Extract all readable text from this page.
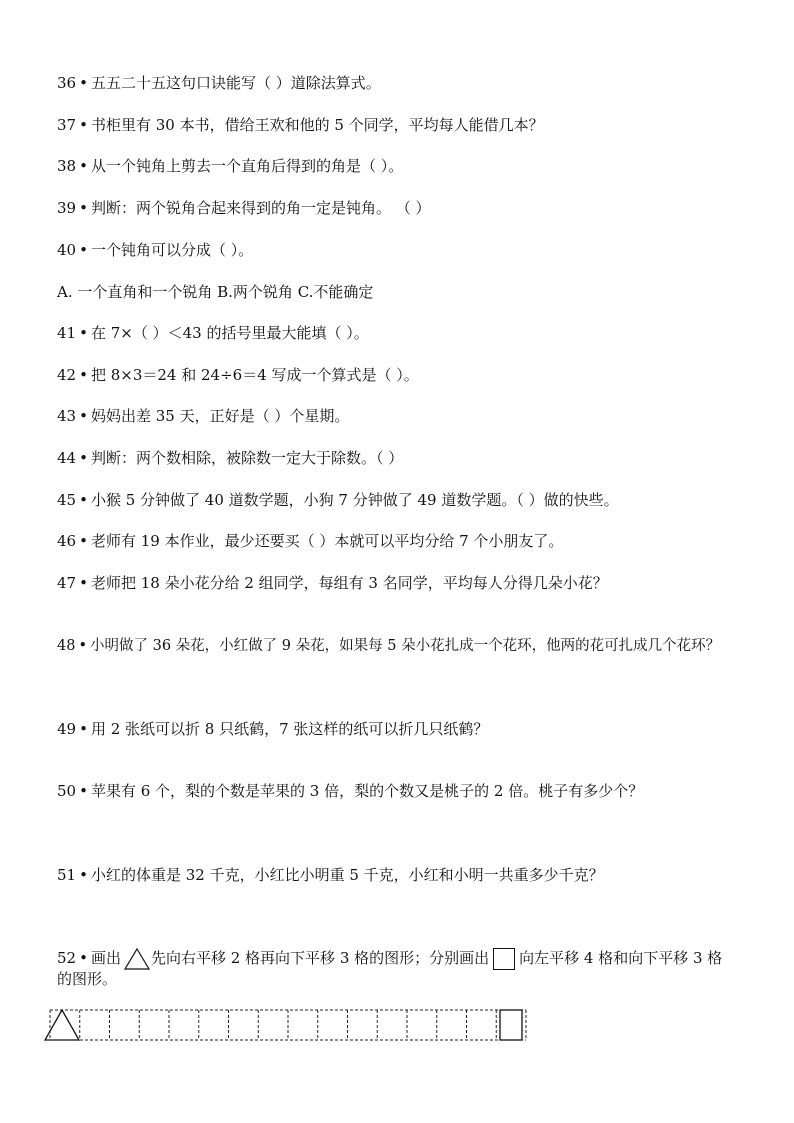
36 • 五五二十五这句口诀能写（ ）道除法算式。
37 • 书柜里有 30 本书，借给王欢和他的 5 个同学，平均每人能借几本？
38 • 从一个钝角上剪去一个直角后得到的角是（ ）。
39 • 判断：两个锐角合起来得到的角一定是钝角。 （ ）
40 • 一个钝角可以分成（ ）。
A. 一个直角和一个锐角 B.两个锐角 C.不能确定
41 • 在 7×（ ）＜43 的括号里最大能填（ ）。
42 • 把 8×3＝24 和 24÷6＝4 写成一个算式是（ ）。
43 • 妈妈出差 35 天，正好是（ ）个星期。
44 • 判断：两个数相除，被除数一定大于除数。（ ）
45 • 小猴 5 分钟做了 40 道数学题，小狗 7 分钟做了 49 道数学题。（ ）做的快些。
46 • 老师有 19 本作业，最少还要买（ ）本就可以平均分给 7 个小朋友了。
47 • 老师把 18 朵小花分给 2 组同学，每组有 3 名同学，平均每人分得几朵小花？
48 • 小明做了 36 朵花，小红做了 9 朵花，如果每 5 朵小花扎成一个花环，他两的花可扎成几个花环？
49 • 用 2 张纸可以折 8 只纸鹤，7 张这样的纸可以折几只纸鹤？
50 • 苹果有 6 个，梨的个数是苹果的 3 倍，梨的个数又是桃子的 2 倍。桃子有多少个？
51 • 小红的体重是 32 千克，小红比小明重 5 千克，小红和小明一共重多少千克？
52 • 画出 先向右平移 2 格再向下平移 3 格的图形；分别画出 向左平移 4 格和向下平移 3 格
的图形。
